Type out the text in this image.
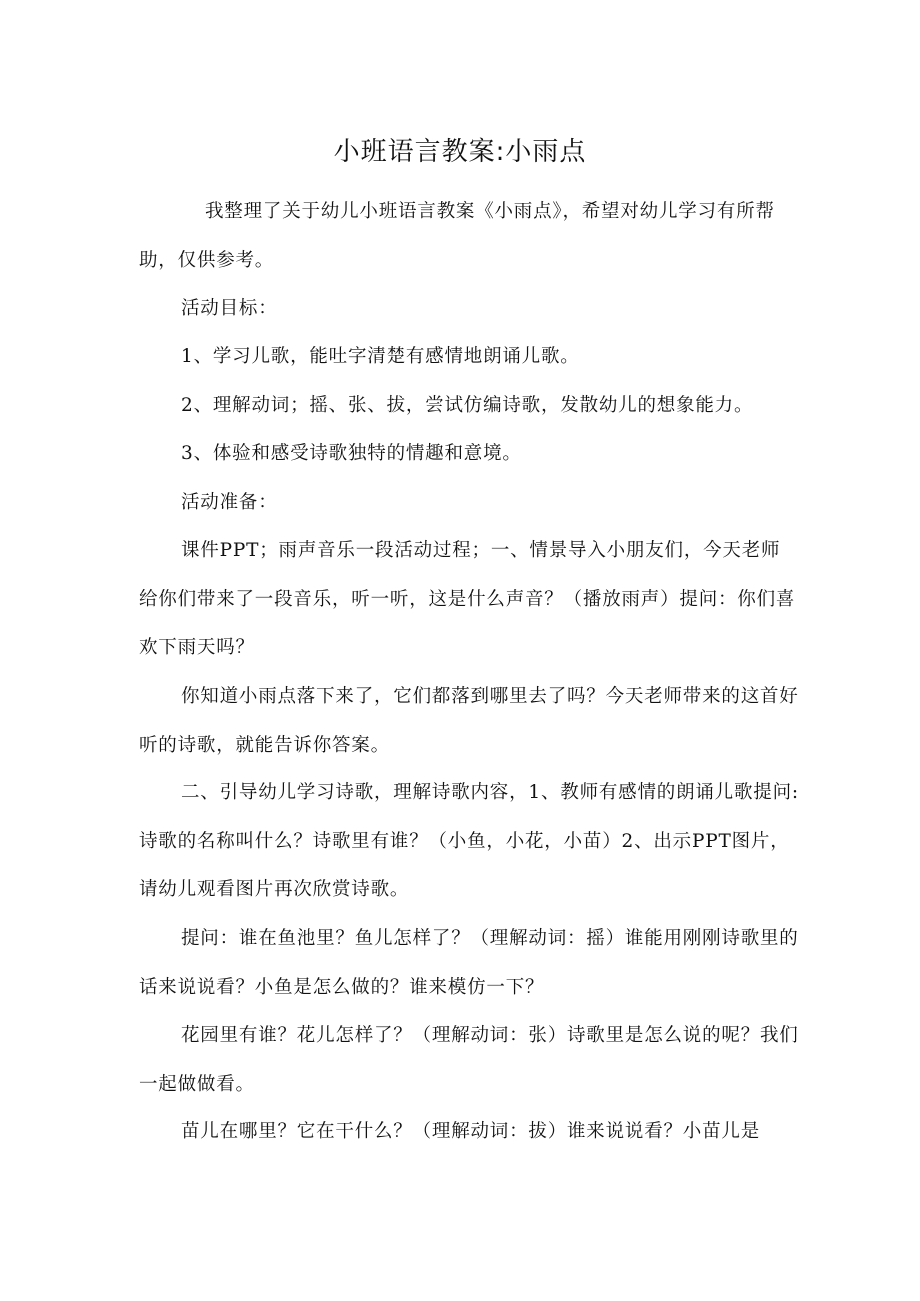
小班语言教案:小雨点

我整理了关于幼儿小班语言教案《小雨点》，希望对幼儿学习有所帮助，仅供参考。

活动目标：

1、学习儿歌，能吐字清楚有感情地朗诵儿歌。

2、理解动词；摇、张、拔，尝试仿编诗歌，发散幼儿的想象能力。

3、体验和感受诗歌独特的情趣和意境。

活动准备：

课件PPT；雨声音乐一段活动过程；一、情景导入小朋友们，今天老师给你们带来了一段音乐，听一听，这是什么声音？（播放雨声）提问：你们喜欢下雨天吗？

你知道小雨点落下来了，它们都落到哪里去了吗？今天老师带来的这首好听的诗歌，就能告诉你答案。

二、引导幼儿学习诗歌，理解诗歌内容，1、教师有感情的朗诵儿歌提问:诗歌的名称叫什么？诗歌里有谁？（小鱼，小花，小苗）2、出示PPT图片，请幼儿观看图片再次欣赏诗歌。

提问：谁在鱼池里？鱼儿怎样了？（理解动词：摇）谁能用刚刚诗歌里的话来说说看？小鱼是怎么做的？谁来模仿一下？

花园里有谁？花儿怎样了？（理解动词：张）诗歌里是怎么说的呢？我们一起做做看。

苗儿在哪里？它在干什么？（理解动词：拔）谁来说说看？小苗儿是
